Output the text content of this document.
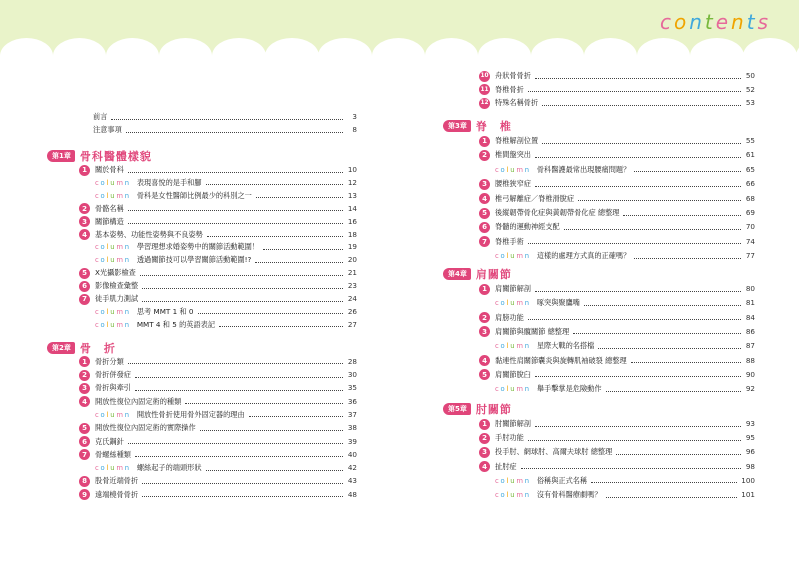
contents
前言	3
注意事項	8
第1章 骨科醫體樣貌
1	關於骨科	10
column 表現喜悅的是手和腳	12
column 骨科是女性醫師比例最少的科別之一	13
2	骨骼名稱	14
3	關節構造	16
4	基本姿勢、功能性姿勢與不良姿勢	18
column 學習理想求婚姿勢中的關節活動範圍！	19
column 透過關節技可以學習關節活動範圍!?	20
5	X光攝影檢查	21
6	影像檢查彙整	23
7	徒手肌力測試	24
column 思考 MMT 1 和 0	26
column MMT 4 和 5 的英語表記	27
第2章 骨　折
1	骨折分類	28
2	骨折併發症	30
3	骨折與牽引	35
4	開放性復位內固定術的種類	36
column 開放性骨折使用骨外固定器的理由	37
5	開放性復位內固定術的實際操作	38
6	克氏鋼針	39
7	骨螺絲種類	40
column 螺絲起子的端頭形狀	42
8	股骨近端骨折	43
9	遠端橈骨骨折	48
10 舟狀骨骨折	50
11 脊椎骨折	52
12 特殊名稱骨折	53
第3章 脊　椎
1	脊椎解剖位置	55
2	椎間盤突出	61
column 骨科醫護最常出現腰痛問題？	65
3	腰椎狹窄症	66
4	椎弓解離症／脊椎滑脫症	68
5	後縱韌帶骨化症與黃韌帶骨化症 總整理	69
6	脊髓的運動神經支配	70
7	脊椎手術	74
column 這樣的處理方式真的正確嗎？	77
第4章 肩關節
1	肩關節解剖	80
column 啄突與聚鷹嘴	81
2	肩膀功能	84
3	肩關節與髖關節 總整理	86
column 星際大戰的名搭檔	87
4	黏連性肩關節囊炎與旋轉肌袖破裂 總整理	88
5	肩關節脫臼	90
column 舉手擊掌是危險動作	92
第5章 肘關節
1	肘關節解剖	93
2	手肘功能	95
3	投手肘、網球肘、高爾夫球肘 總整理	96
4	扯肘症	98
column 俗稱與正式名稱	100
column 沒有骨科醫療劇嗎？	101
